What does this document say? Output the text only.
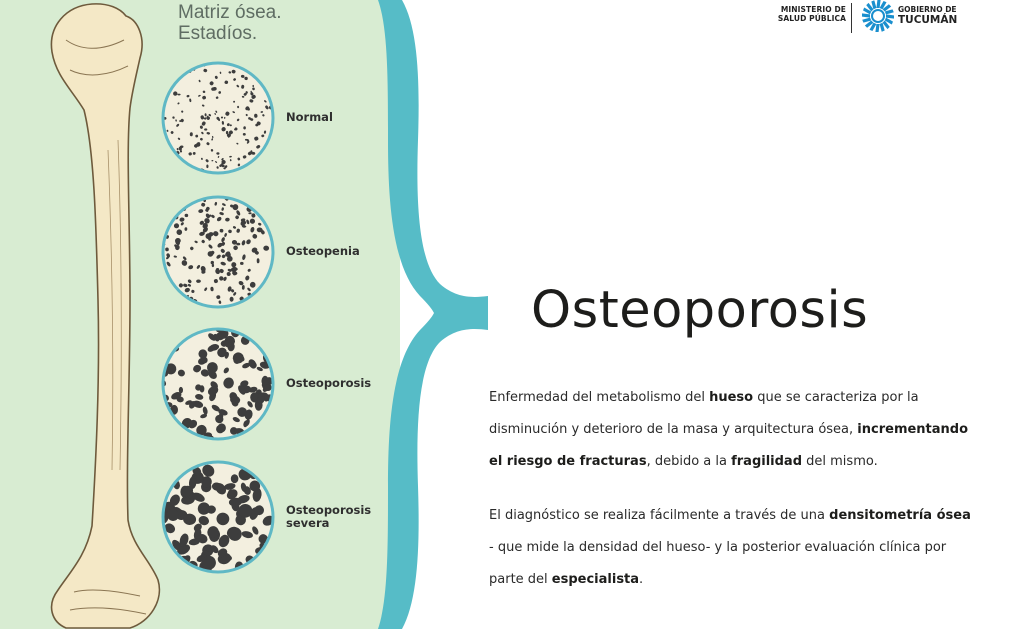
Matriz ósea.
Estadíos.
Normal
Osteopenia
Osteoporosis
Osteoporosis
severa
MINISTERIO DE
SALUD PÚBLICA
GOBIERNO DE
TUCUMÁN
Osteoporosis
Enfermedad del metabolismo del hueso que se caracteriza por la
disminución y deterioro de la masa y arquitectura ósea, incrementando
el riesgo de fracturas, debido a la fragilidad del mismo.
El diagnóstico se realiza fácilmente a través de una densitometría ósea
- que mide la densidad del hueso- y la posterior evaluación clínica por
parte del especialista.
